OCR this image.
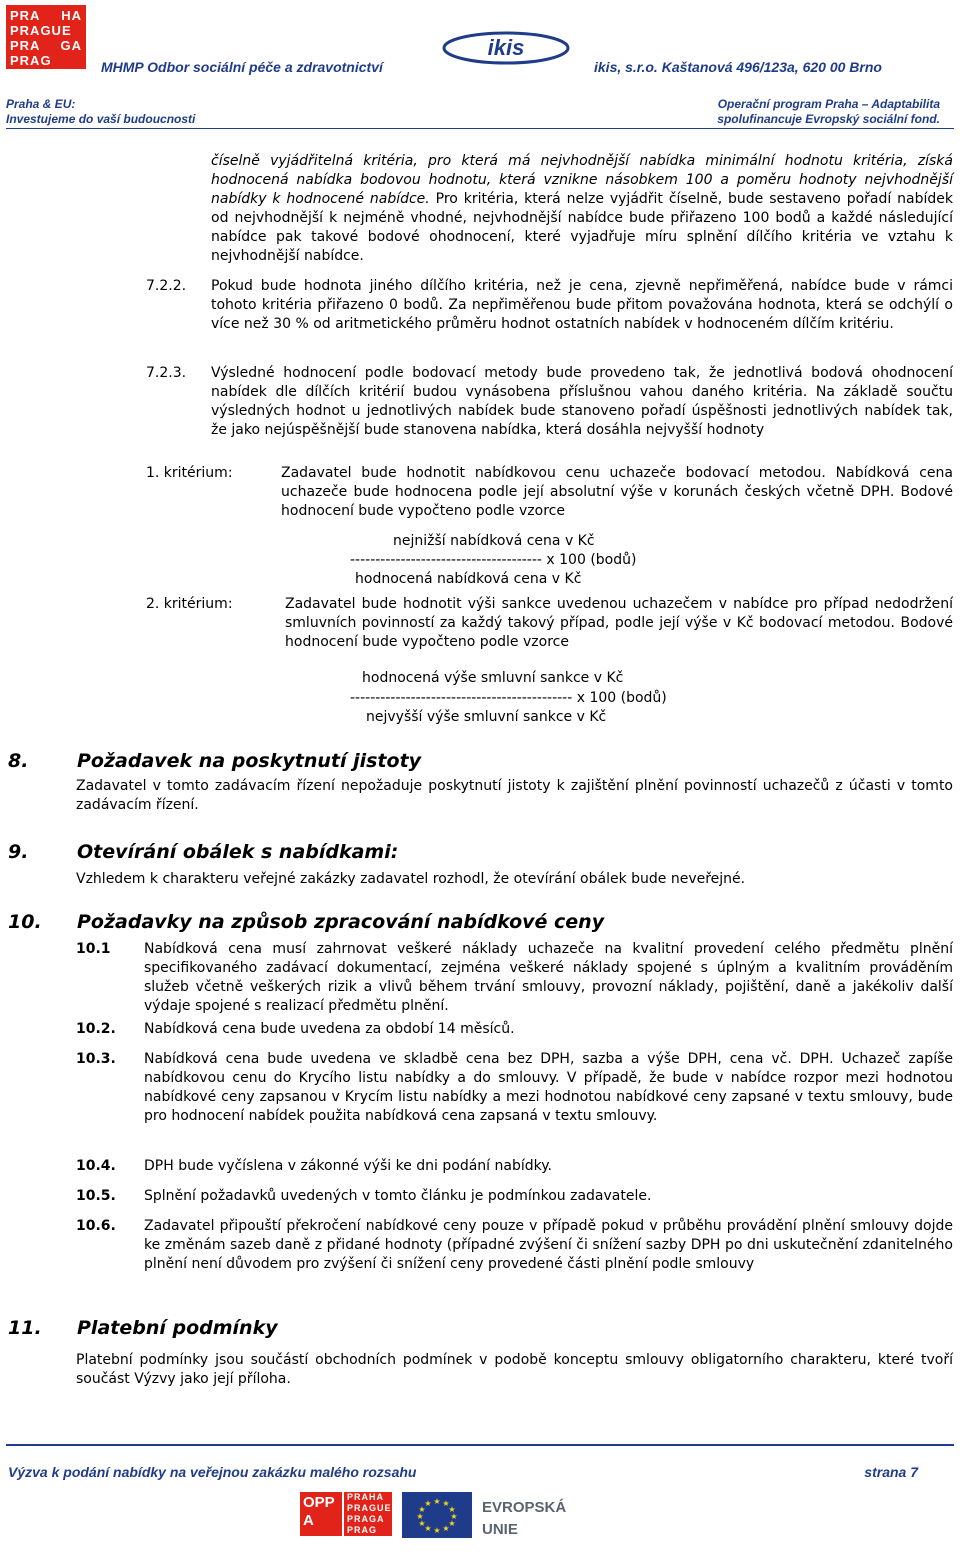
PRA HA
PRAGUE
PRA GA
PRAG	MHMP Odbor sociální péče a zdravotnictví
ikis
ikis, s.r.o. Kaštanová 496/123a, 620 00 Brno
Praha & EU:
Investujeme do vaší budoucnosti
Operační program Praha – Adaptabilita
spolufinancuje Evropský sociální fond.
číselně vyjádřitelná kritéria, pro která má nejvhodnější nabídka minimální hodnotu kritéria, získá hodnocená nabídka bodovou hodnotu, která vznikne násobkem 100 a poměru hodnoty nejvhodnější nabídky k hodnocené nabídce. Pro kritéria, která nelze vyjádřit číselně, bude sestaveno pořadí nabídek od nejvhodnější k nejméně vhodné, nejvhodnější nabídce bude přiřazeno 100 bodů a každé následující nabídce pak takové bodové ohodnocení, které vyjadřuje míru splnění dílčího kritéria ve vztahu k nejvhodnější nabídce.
7.2.2. Pokud bude hodnota jiného dílčího kritéria, než je cena, zjevně nepřiměřená, nabídce bude v rámci tohoto kritéria přiřazeno 0 bodů. Za nepřiměřenou bude přitom považována hodnota, která se odchýlí o více než 30 % od aritmetického průměru hodnot ostatních nabídek v hodnoceném dílčím kritériu.
7.2.3. Výsledné hodnocení podle bodovací metody bude provedeno tak, že jednotlivá bodová ohodnocení nabídek dle dílčích kritérií budou vynásobena příslušnou vahou daného kritéria. Na základě součtu výsledných hodnot u jednotlivých nabídek bude stanoveno pořadí úspěšnosti jednotlivých nabídek tak, že jako nejúspěšnější bude stanovena nabídka, která dosáhla nejvyšší hodnoty
1. kritérium:	Zadavatel bude hodnotit nabídkovou cenu uchazeče bodovací metodou. Nabídková cena uchazeče bude hodnocena podle její absolutní výše v korunách českých včetně DPH. Bodové hodnocení bude vypočteno podle vzorce
nejnižší nabídková cena v Kč
-------------------------------------- x 100 (bodů)
hodnocená nabídková cena v Kč
2. kritérium:	Zadavatel bude hodnotit výši sankce uvedenou uchazečem v nabídce pro případ nedodržení smluvních povinností za každý takový případ, podle její výše v Kč bodovací metodou. Bodové hodnocení bude vypočteno podle vzorce
hodnocená výše smluvní sankce v Kč
-------------------------------------------- x 100 (bodů)
nejvyšší výše smluvní sankce v Kč
8.	Požadavek na poskytnutí jistoty
Zadavatel v tomto zadávacím řízení nepožaduje poskytnutí jistoty k zajištění plnění povinností uchazečů z účasti v tomto zadávacím řízení.
9.	Otevírání obálek s nabídkami:
Vzhledem k charakteru veřejné zakázky zadavatel rozhodl, že otevírání obálek bude neveřejné.
10. Požadavky na způsob zpracování nabídkové ceny
10.1 Nabídková cena musí zahrnovat veškeré náklady uchazeče na kvalitní provedení celého předmětu plnění specifikovaného zadávací dokumentací, zejména veškeré náklady spojené s úplným a kvalitním prováděním služeb včetně veškerých rizik a vlivů během trvání smlouvy, provozní náklady, pojištění, daně a jakékoliv další výdaje spojené s realizací předmětu plnění.
10.2. Nabídková cena bude uvedena za období 14 měsíců.
10.3. Nabídková cena bude uvedena ve skladbě cena bez DPH, sazba a výše DPH, cena vč. DPH. Uchazeč zapíše nabídkovou cenu do Krycího listu nabídky a do smlouvy. V případě, že bude v nabídce rozpor mezi hodnotou nabídkové ceny zapsanou v Krycím listu nabídky a mezi hodnotou nabídkové ceny zapsané v textu smlouvy, bude pro hodnocení nabídek použita nabídková cena zapsaná v textu smlouvy.
10.4. DPH bude vyčíslena v zákonné výši ke dni podání nabídky.
10.5. Splnění požadavků uvedených v tomto článku je podmínkou zadavatele.
10.6. Zadavatel připouští překročení nabídkové ceny pouze v případě pokud v průběhu provádění plnění smlouvy dojde ke změnám sazeb daně z přidané hodnoty (případné zvýšení či snížení sazby DPH po dni uskutečnění zdanitelného plnění není důvodem pro zvýšení či snížení ceny provedené části plnění podle smlouvy
11. Platební podmínky
Platební podmínky jsou součástí obchodních podmínek v podobě konceptu smlouvy obligatorního charakteru, které tvoří součást Výzvy jako její příloha.
Výzva k podání nabídky na veřejnou zakázku malého rozsahu	strana 7
OPP
A
PRAHA
PRAGUE
PRAGA
PRAG
★ ★
★
★
★
★
★
★
★
★
★
★	EVROPSKÁ
UNIE
